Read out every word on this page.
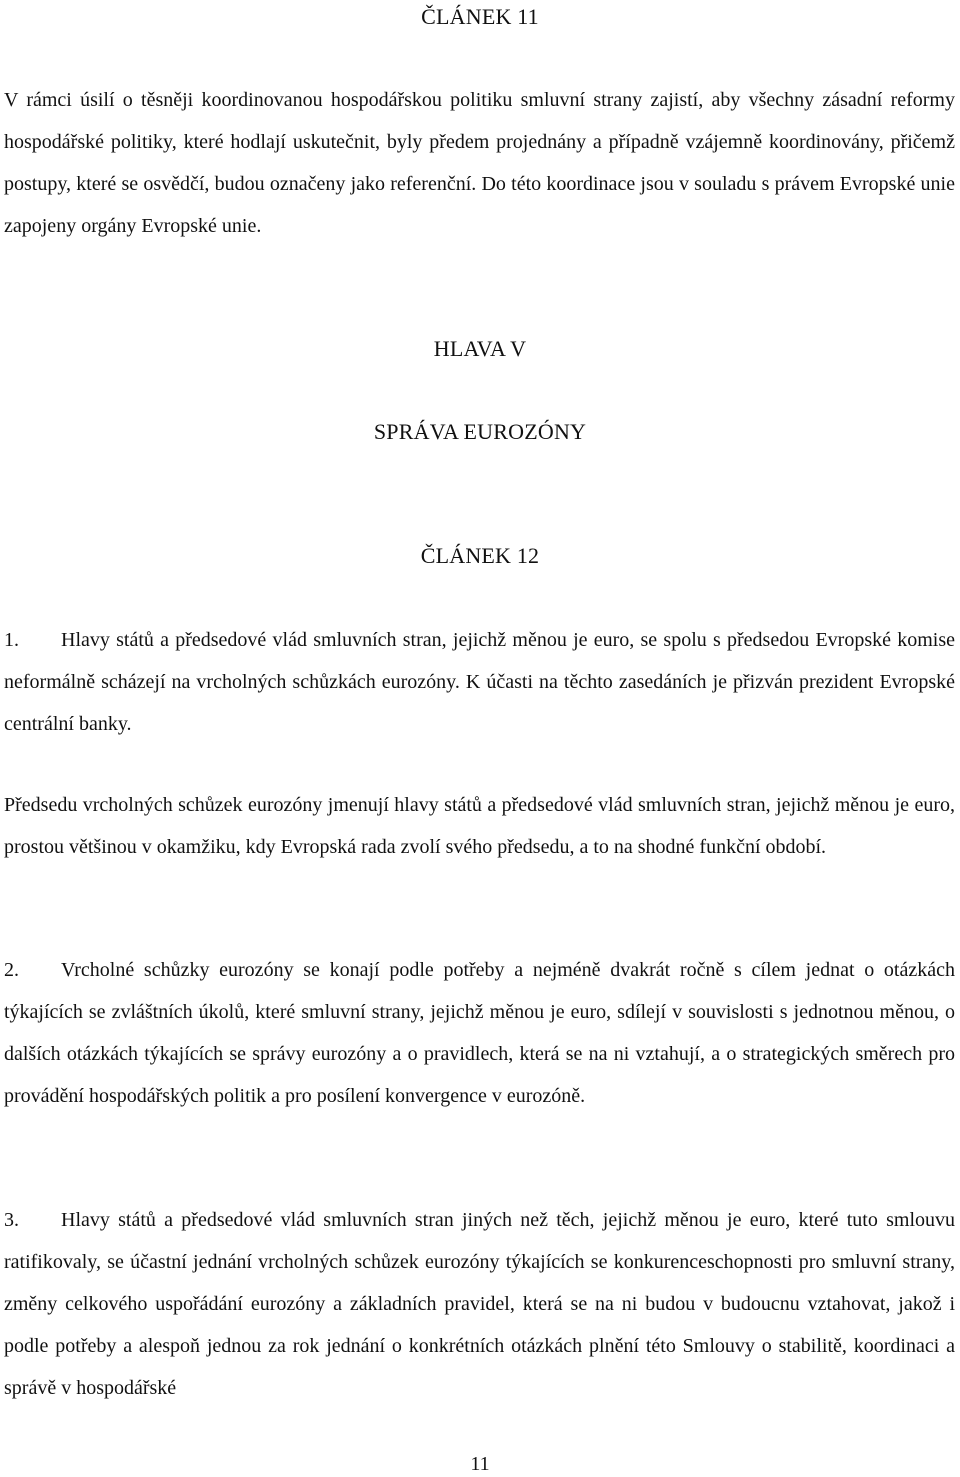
ČLÁNEK 11
V rámci úsilí o těsněji koordinovanou hospodářskou politiku smluvní strany zajistí, aby všechny zásadní reformy hospodářské politiky, které hodlají uskutečnit, byly předem projednány a případně vzájemně koordinovány, přičemž postupy, které se osvědčí, budou označeny jako referenční. Do této koordinace jsou v souladu s právem Evropské unie zapojeny orgány Evropské unie.
HLAVA V
SPRÁVA EUROZÓNY
ČLÁNEK 12
1. Hlavy států a předsedové vlád smluvních stran, jejichž měnou je euro, se spolu s předsedou Evropské komise neformálně scházejí na vrcholných schůzkách eurozóny. K účasti na těchto zasedáních je přizván prezident Evropské centrální banky.
Předsedu vrcholných schůzek eurozóny jmenují hlavy států a předsedové vlád smluvních stran, jejichž měnou je euro, prostou většinou v okamžiku, kdy Evropská rada zvolí svého předsedu, a to na shodné funkční období.
2. Vrcholné schůzky eurozóny se konají podle potřeby a nejméně dvakrát ročně s cílem jednat o otázkách týkajících se zvláštních úkolů, které smluvní strany, jejichž měnou je euro, sdílejí v souvislosti s jednotnou měnou, o dalších otázkách týkajících se správy eurozóny a o pravidlech, která se na ni vztahují, a o strategických směrech pro provádění hospodářských politik a pro posílení konvergence v eurozóně.
3. Hlavy států a předsedové vlád smluvních stran jiných než těch, jejichž měnou je euro, které tuto smlouvu ratifikovaly, se účastní jednání vrcholných schůzek eurozóny týkajících se konkurenceschopnosti pro smluvní strany, změny celkového uspořádání eurozóny a základních pravidel, která se na ni budou v budoucnu vztahovat, jakož i podle potřeby a alespoň jednou za rok jednání o konkrétních otázkách plnění této Smlouvy o stabilitě, koordinaci a správě v hospodářské
11
